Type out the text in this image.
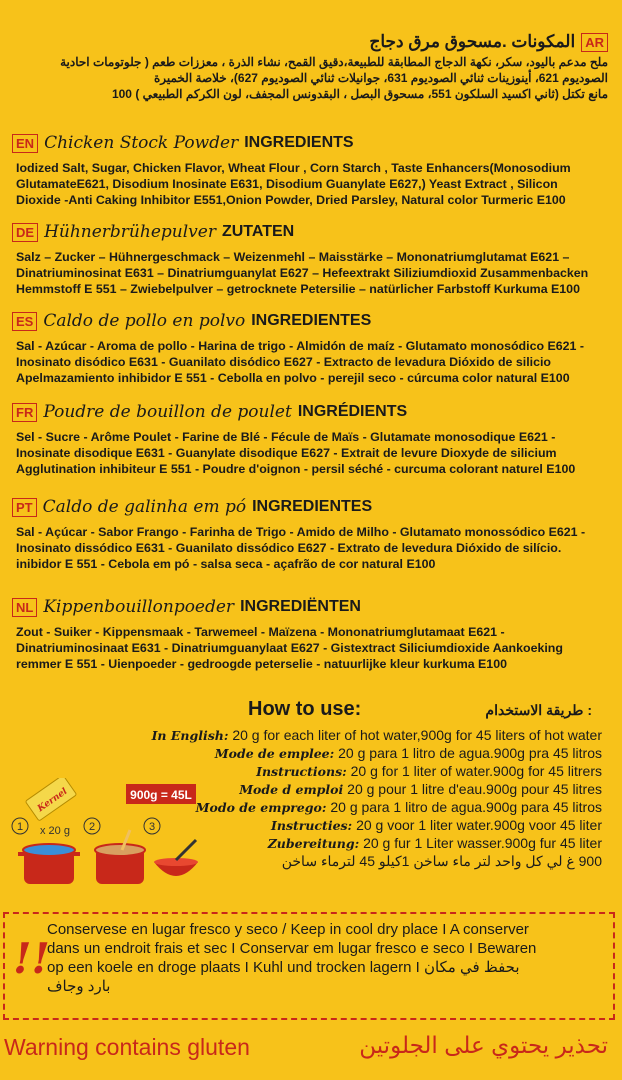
AR
المكونات .مسحوق مرق دجاج
ملح مدعم باليود، سكر، نكهة الدجاج المطابقة للطبيعة،دقيق القمح، نشاء الذرة ، معززات طعم ( جلوتومات احادية
الصوديوم 621، أينوزينات ثنائي الصوديوم 631، جوانيلات ثنائي الصوديوم 627)، خلاصة الخميرة
مانع تكتل (ثاني اكسيد السلكون 551، مسحوق البصل ، البقدونس المجفف، لون الكركم الطبيعي ) 100
EN Chicken Stock Powder INGREDIENTS
Iodized Salt, Sugar, Chicken Flavor, Wheat Flour , Corn Starch , Taste Enhancers(Monosodium
GlutamateE621, Disodium Inosinate E631, Disodium Guanylate E627,) Yeast Extract , Silicon
Dioxide -Anti Caking Inhibitor E551,Onion Powder, Dried Parsley, Natural color Turmeric E100
DE Hühnerbrühepulver ZUTATEN
Salz – Zucker – Hühnergeschmack – Weizenmehl – Maisstärke – Mononatriumglutamat E621 –
Dinatriuminosinat E631 – Dinatriumguanylat E627 – Hefeextrakt Siliziumdioxid Zusammenbacken
Hemmstoff E 551 – Zwiebelpulver – getrocknete Petersilie – natürlicher Farbstoff Kurkuma E100
ES Caldo de pollo en polvo INGREDIENTES
Sal - Azúcar - Aroma de pollo - Harina de trigo - Almidón de maíz - Glutamato monosódico E621 -
Inosinato disódico E631 - Guanilato disódico E627 - Extracto de levadura Dióxido de silicio
Apelmazamiento inhibidor E 551 - Cebolla en polvo - perejil seco - cúrcuma color natural E100
FR Poudre de bouillon de poulet INGRÉDIENTS
Sel - Sucre - Arôme Poulet - Farine de Blé - Fécule de Maïs - Glutamate monosodique E621 -
Inosinate disodique E631 - Guanylate disodique E627 - Extrait de levure Dioxyde de silicium
Agglutination inhibiteur E 551 - Poudre d'oignon - persil séché - curcuma colorant naturel E100
PT Caldo de galinha em pó INGREDIENTES
Sal - Açúcar - Sabor Frango - Farinha de Trigo - Amido de Milho - Glutamato monossódico E621 -
Inosinato dissódico E631 - Guanilato dissódico E627 - Extrato de levedura Dióxido de silício.
inibidor E 551 - Cebola em pó - salsa seca - açafrão de cor natural E100
NL Kippenbouillonpoeder INGREDIËNTEN
Zout - Suiker - Kippensmaak - Tarwemeel - Maïzena - Mononatriumglutamaat E621 -
Dinatriuminosinaat E631 - Dinatriumguanylaat E627 - Gistextract Siliciumdioxide Aankoeking
remmer E 551 - Uienpoeder - gedroogde peterselie - natuurlijke kleur kurkuma E100
How to use:	طريقة الاستخدام :
In English: 20 g for each liter of hot water,900g for 45 liters of hot water
Mode de emplee: 20 g para 1 litro de agua.900g pra 45 litros
Instructions: 20 g for 1 liter of water.900g for 45 litrers
Mode d emploi 20 g pour 1 litre d'eau.900g pour 45 litres
Modo de emprego: 20 g para 1 litro de agua.900g para 45 litros
Instructies: 20 g voor 1 liter water.900g voor 45 liter
Zubereitung: 20 g fur 1 Liter wasser.900g fur 45 liter
900 غ لي كل واحد لتر ماء ساخن 1كيلو 45 لترماء ساخن
Kernel	900g = 45L
1	2	3
x 20 g
!!
Conservese en lugar fresco y seco / Keep in cool dry place I A conserver
dans un endroit frais et sec I Conservar em lugar fresco e seco I Bewaren
op een koele en droge plaats I Kuhl und trocken lagern I بحفظ في مكان
بارد وجاف
Warning contains gluten	تحذير يحتوي على الجلوتين
